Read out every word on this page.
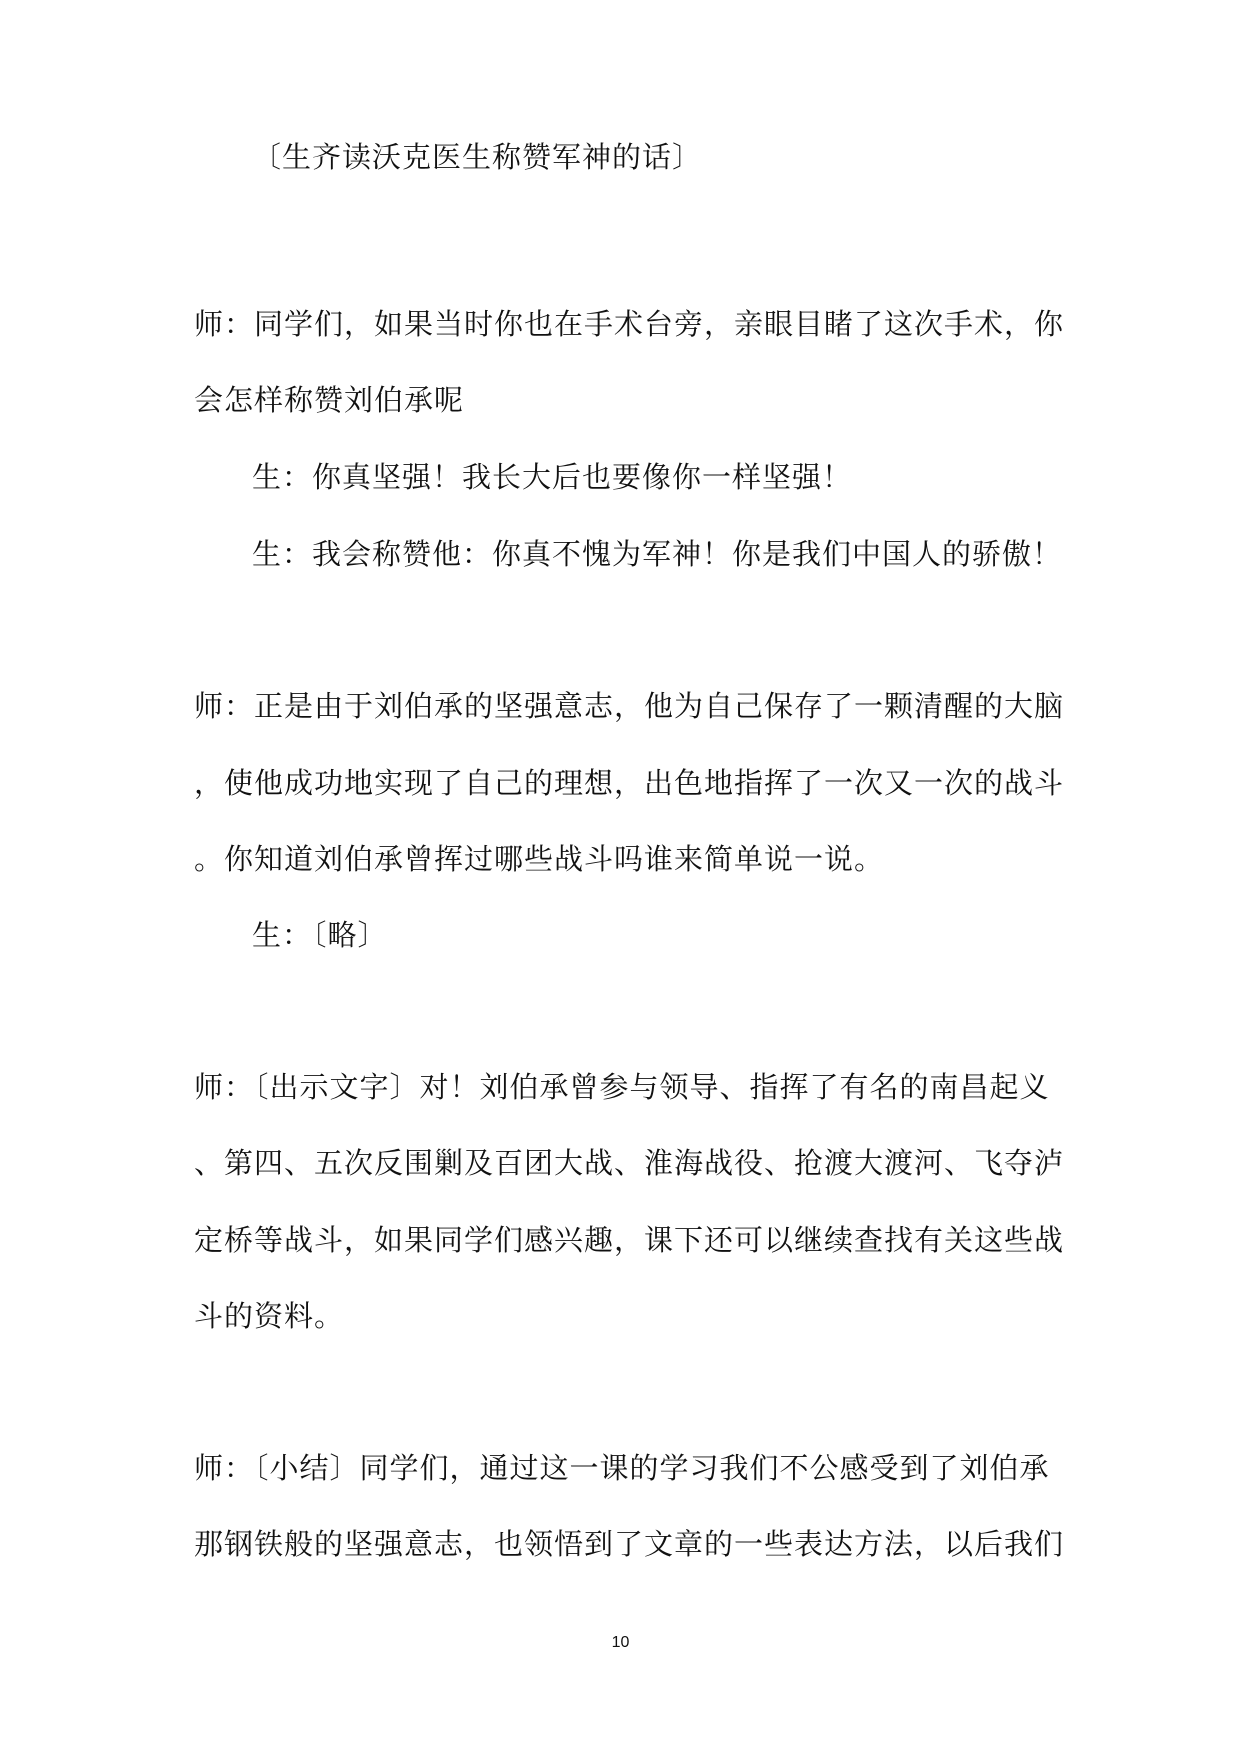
〔生齐读沃克医生称赞军神的话〕
师：同学们，如果当时你也在手术台旁，亲眼目睹了这次手术，你
会怎样称赞刘伯承呢
生：你真坚强！我长大后也要像你一样坚强！
生：我会称赞他：你真不愧为军神！你是我们中国人的骄傲！
师：正是由于刘伯承的坚强意志，他为自己保存了一颗清醒的大脑
，使他成功地实现了自己的理想，出色地指挥了一次又一次的战斗
。你知道刘伯承曾挥过哪些战斗吗谁来简单说一说。
生：〔略〕
师：〔出示文字〕对！刘伯承曾参与领导、指挥了有名的南昌起义
、第四、五次反围剿及百团大战、淮海战役、抢渡大渡河、飞夺泸
定桥等战斗，如果同学们感兴趣，课下还可以继续查找有关这些战
斗的资料。
师：〔小结〕同学们，通过这一课的学习我们不公感受到了刘伯承
那钢铁般的坚强意志，也领悟到了文章的一些表达方法，以后我们
10
